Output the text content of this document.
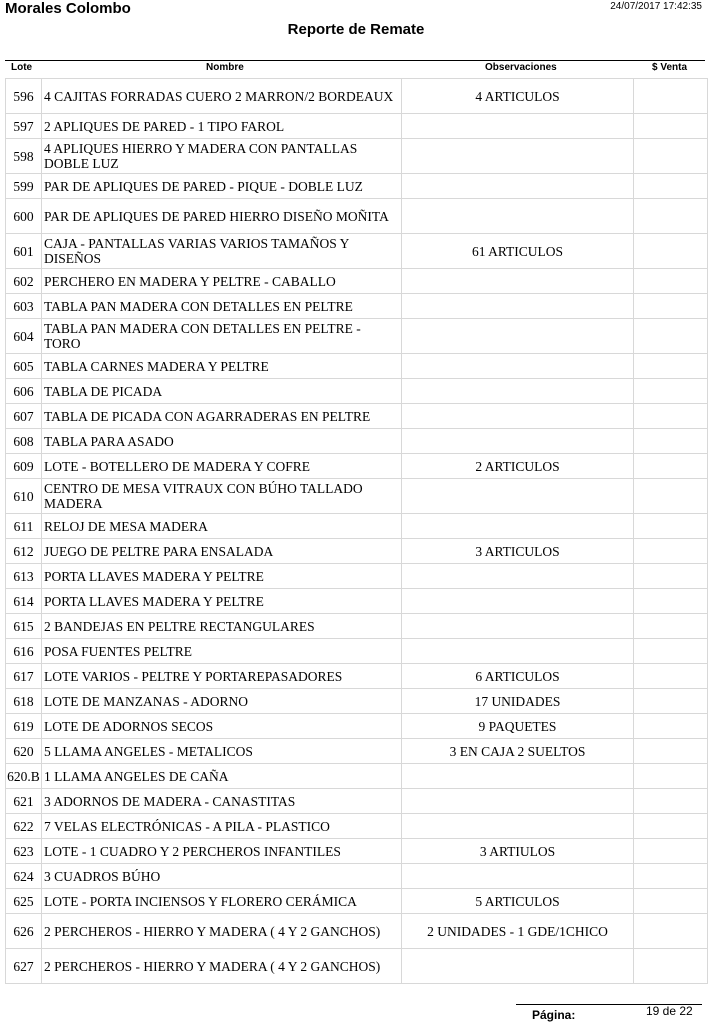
Morales Colombo	24/07/2017 17:42:35
Reporte de Remate
Lote	Nombre	Observaciones	$ Venta
596	4 CAJITAS FORRADAS CUERO 2 MARRON/2 BORDEAUX	4 ARTICULOS	
597	2 APLIQUES DE PARED - 1 TIPO FAROL		
598	4 APLIQUES HIERRO Y MADERA CON PANTALLAS DOBLE LUZ		
599	PAR DE APLIQUES DE PARED - PIQUE - DOBLE LUZ		
600	PAR DE APLIQUES DE PARED HIERRO DISEÑO MOÑITA		
601	CAJA - PANTALLAS VARIAS VARIOS TAMAÑOS Y DISEÑOS	61 ARTICULOS	
602	PERCHERO EN MADERA Y PELTRE - CABALLO		
603	TABLA PAN MADERA CON DETALLES EN PELTRE		
604	TABLA PAN MADERA CON DETALLES EN PELTRE - TORO		
605	TABLA CARNES MADERA Y PELTRE		
606	TABLA DE PICADA		
607	TABLA DE PICADA CON AGARRADERAS EN PELTRE		
608	TABLA PARA ASADO		
609	LOTE - BOTELLERO DE MADERA Y COFRE	2 ARTICULOS	
610	CENTRO DE MESA VITRAUX CON BÚHO TALLADO MADERA		
611	RELOJ DE MESA MADERA		
612	JUEGO DE PELTRE PARA ENSALADA	3 ARTICULOS	
613	PORTA LLAVES MADERA Y PELTRE		
614	PORTA LLAVES MADERA Y PELTRE		
615	2 BANDEJAS EN PELTRE RECTANGULARES		
616	POSA FUENTES PELTRE		
617	LOTE VARIOS - PELTRE Y PORTAREPASADORES	6 ARTICULOS	
618	LOTE DE MANZANAS - ADORNO	17 UNIDADES	
619	LOTE DE ADORNOS SECOS	9 PAQUETES	
620	5 LLAMA ANGELES - METALICOS	3 EN CAJA 2 SUELTOS	
620.B	1 LLAMA ANGELES DE CAÑA		
621	3 ADORNOS DE MADERA - CANASTITAS		
622	7 VELAS ELECTRÓNICAS - A PILA - PLASTICO		
623	LOTE - 1 CUADRO Y 2 PERCHEROS INFANTILES	3 ARTIULOS	
624	3 CUADROS BÚHO		
625	LOTE - PORTA INCIENSOS Y FLORERO CERÁMICA	5 ARTICULOS	
626	2 PERCHEROS - HIERRO Y MADERA ( 4 Y 2 GANCHOS)	2 UNIDADES - 1 GDE/1CHICO	
627	2 PERCHEROS - HIERRO Y MADERA ( 4 Y 2 GANCHOS)		
Página:	19 de 22
